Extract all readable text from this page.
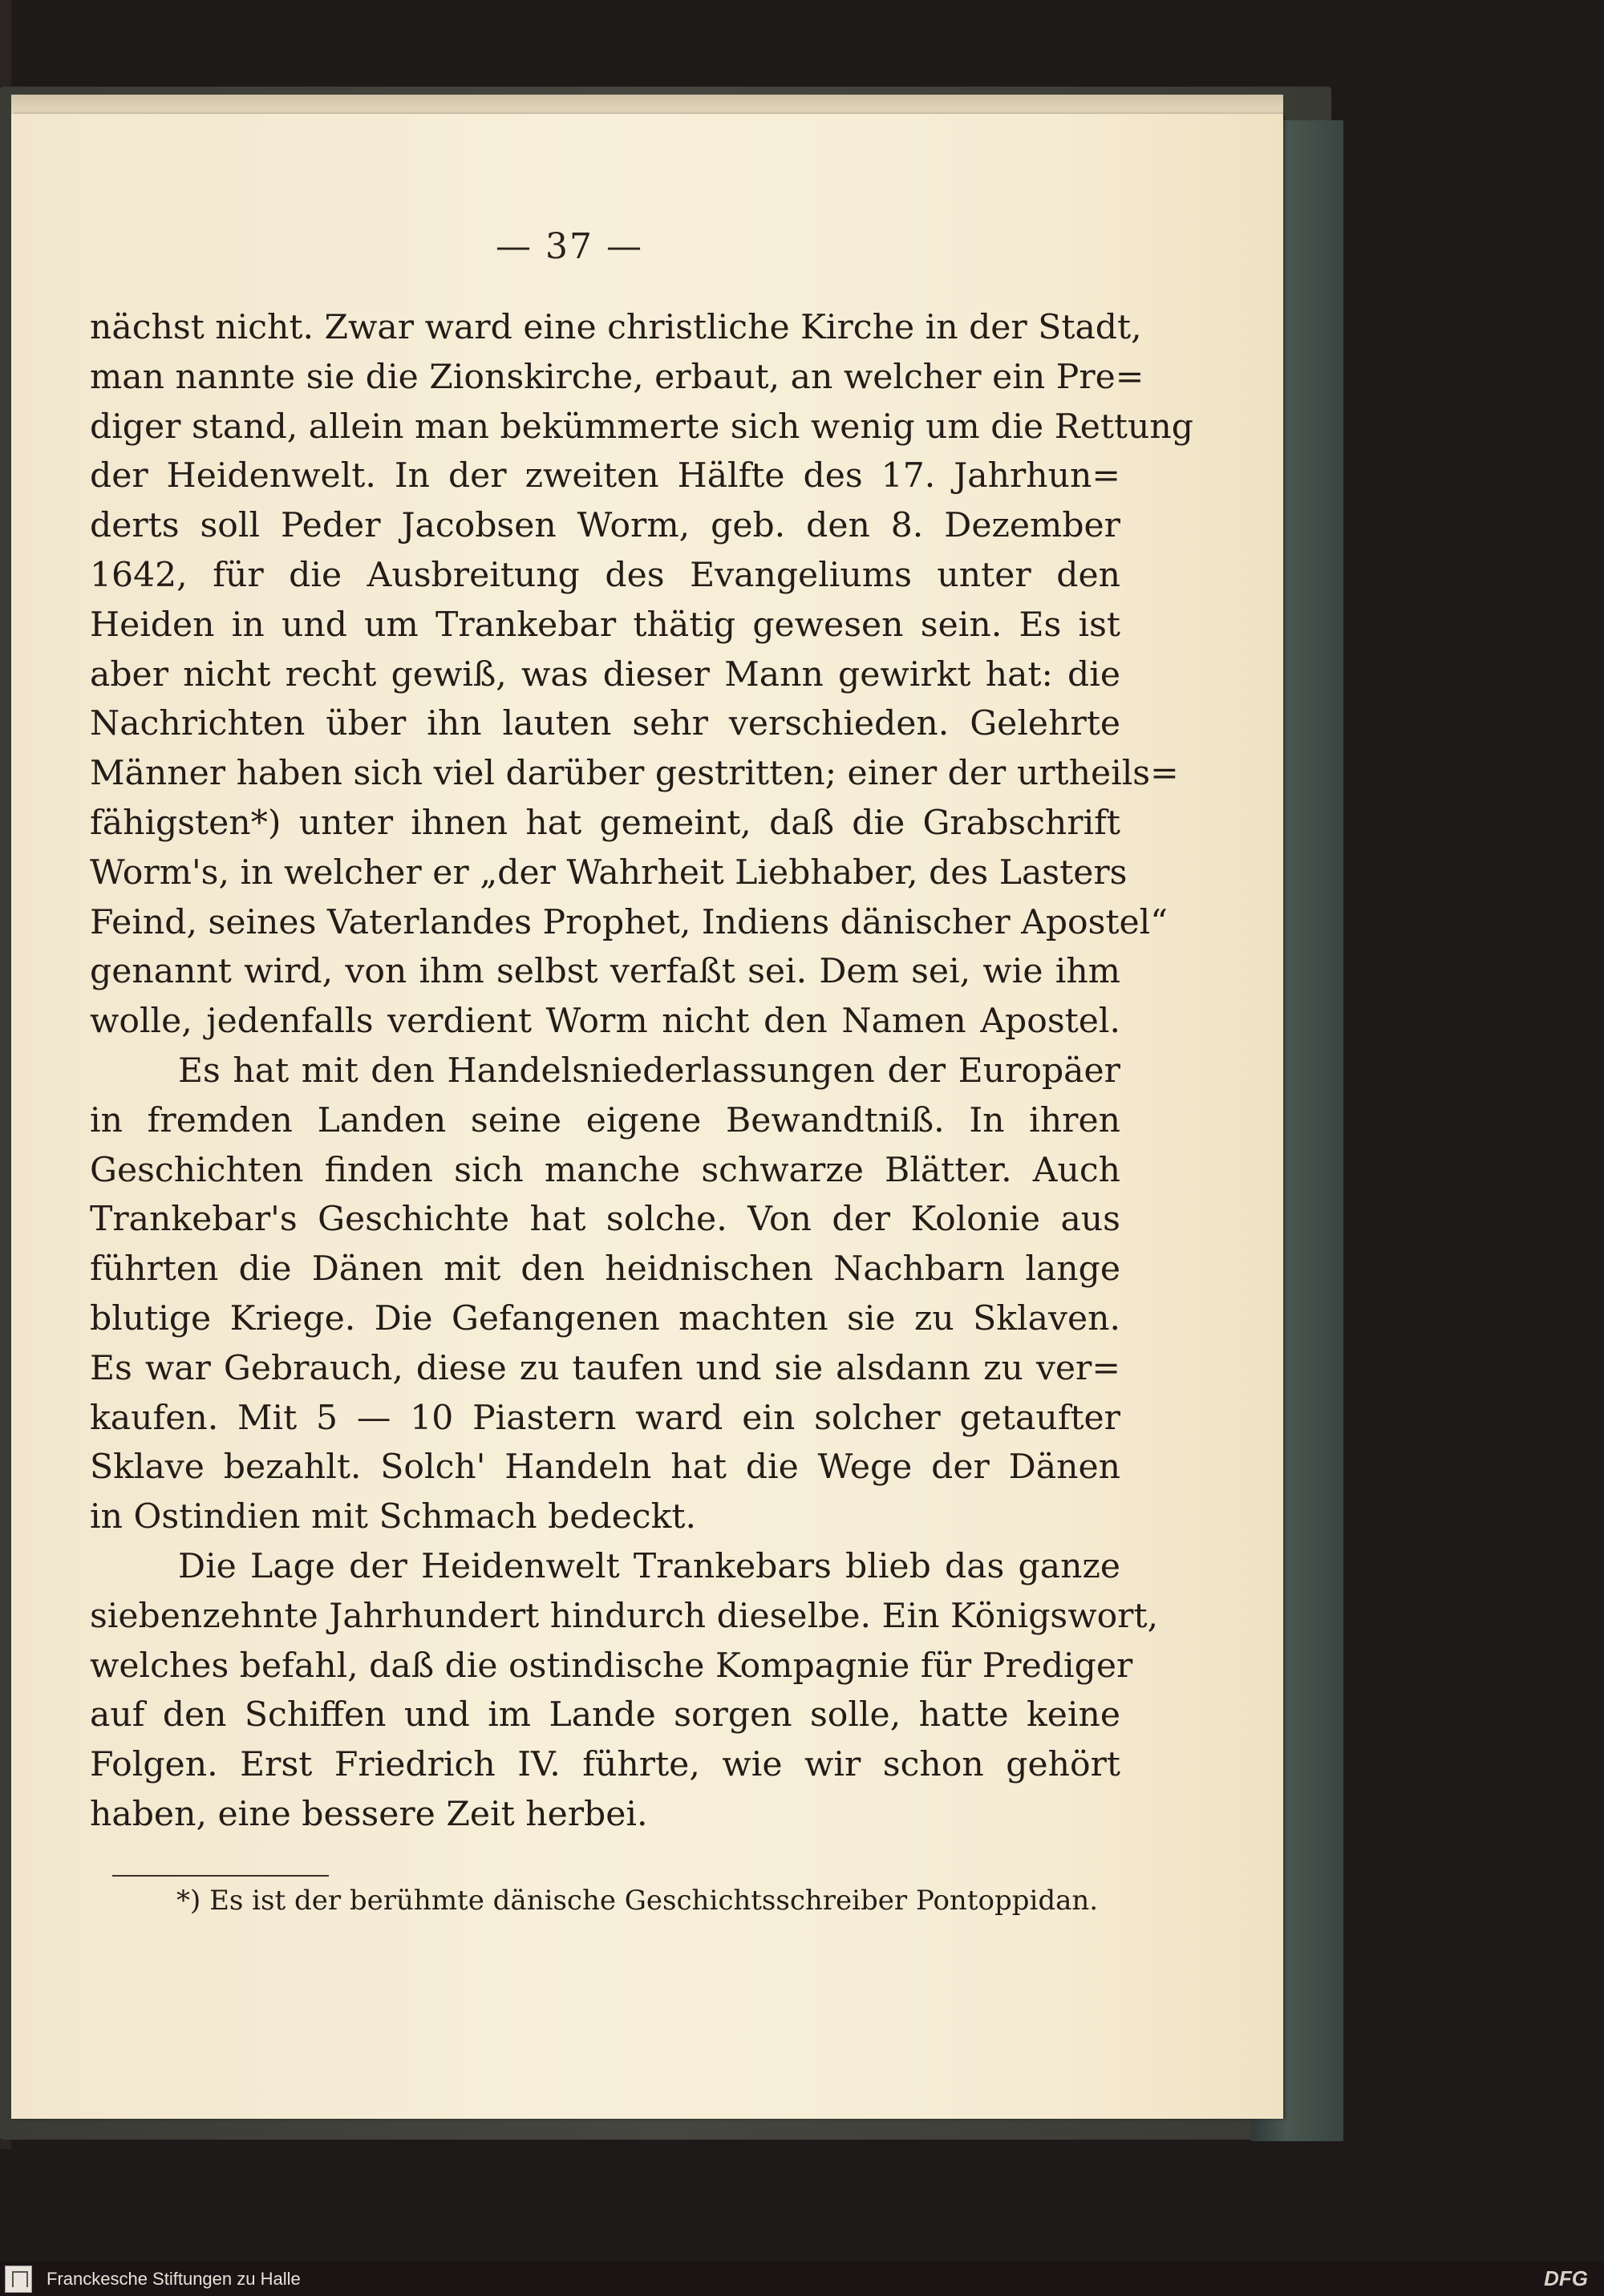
— 37 —
nächst nicht. Zwar ward eine christliche Kirche in der Stadt,
man nannte sie die Zionskirche, erbaut, an welcher ein Pre=
diger stand, allein man bekümmerte sich wenig um die Rettung
der Heidenwelt. In der zweiten Hälfte des 17. Jahrhun=
derts soll Peder Jacobsen Worm, geb. den 8. Dezember
1642, für die Ausbreitung des Evangeliums unter den
Heiden in und um Trankebar thätig gewesen sein. Es ist
aber nicht recht gewiß, was dieser Mann gewirkt hat: die
Nachrichten über ihn lauten sehr verschieden. Gelehrte
Männer haben sich viel darüber gestritten; einer der urtheils=
fähigsten*) unter ihnen hat gemeint, daß die Grabschrift
Worm's, in welcher er „der Wahrheit Liebhaber, des Lasters
Feind, seines Vaterlandes Prophet, Indiens dänischer Apostel“
genannt wird, von ihm selbst verfaßt sei. Dem sei, wie ihm
wolle, jedenfalls verdient Worm nicht den Namen Apostel.
Es hat mit den Handelsniederlassungen der Europäer
in fremden Landen seine eigene Bewandtniß. In ihren
Geschichten finden sich manche schwarze Blätter. Auch
Trankebar's Geschichte hat solche. Von der Kolonie aus
führten die Dänen mit den heidnischen Nachbarn lange
blutige Kriege. Die Gefangenen machten sie zu Sklaven.
Es war Gebrauch, diese zu taufen und sie alsdann zu ver=
kaufen. Mit 5 — 10 Piastern ward ein solcher getaufter
Sklave bezahlt. Solch' Handeln hat die Wege der Dänen
in Ostindien mit Schmach bedeckt.
Die Lage der Heidenwelt Trankebars blieb das ganze
siebenzehnte Jahrhundert hindurch dieselbe. Ein Königswort,
welches befahl, daß die ostindische Kompagnie für Prediger
auf den Schiffen und im Lande sorgen solle, hatte keine
Folgen. Erst Friedrich IV. führte, wie wir schon gehört
haben, eine bessere Zeit herbei.
*) Es ist der berühmte dänische Geschichtsschreiber Pontoppidan.
Franckesche Stiftungen zu Halle	DFG
